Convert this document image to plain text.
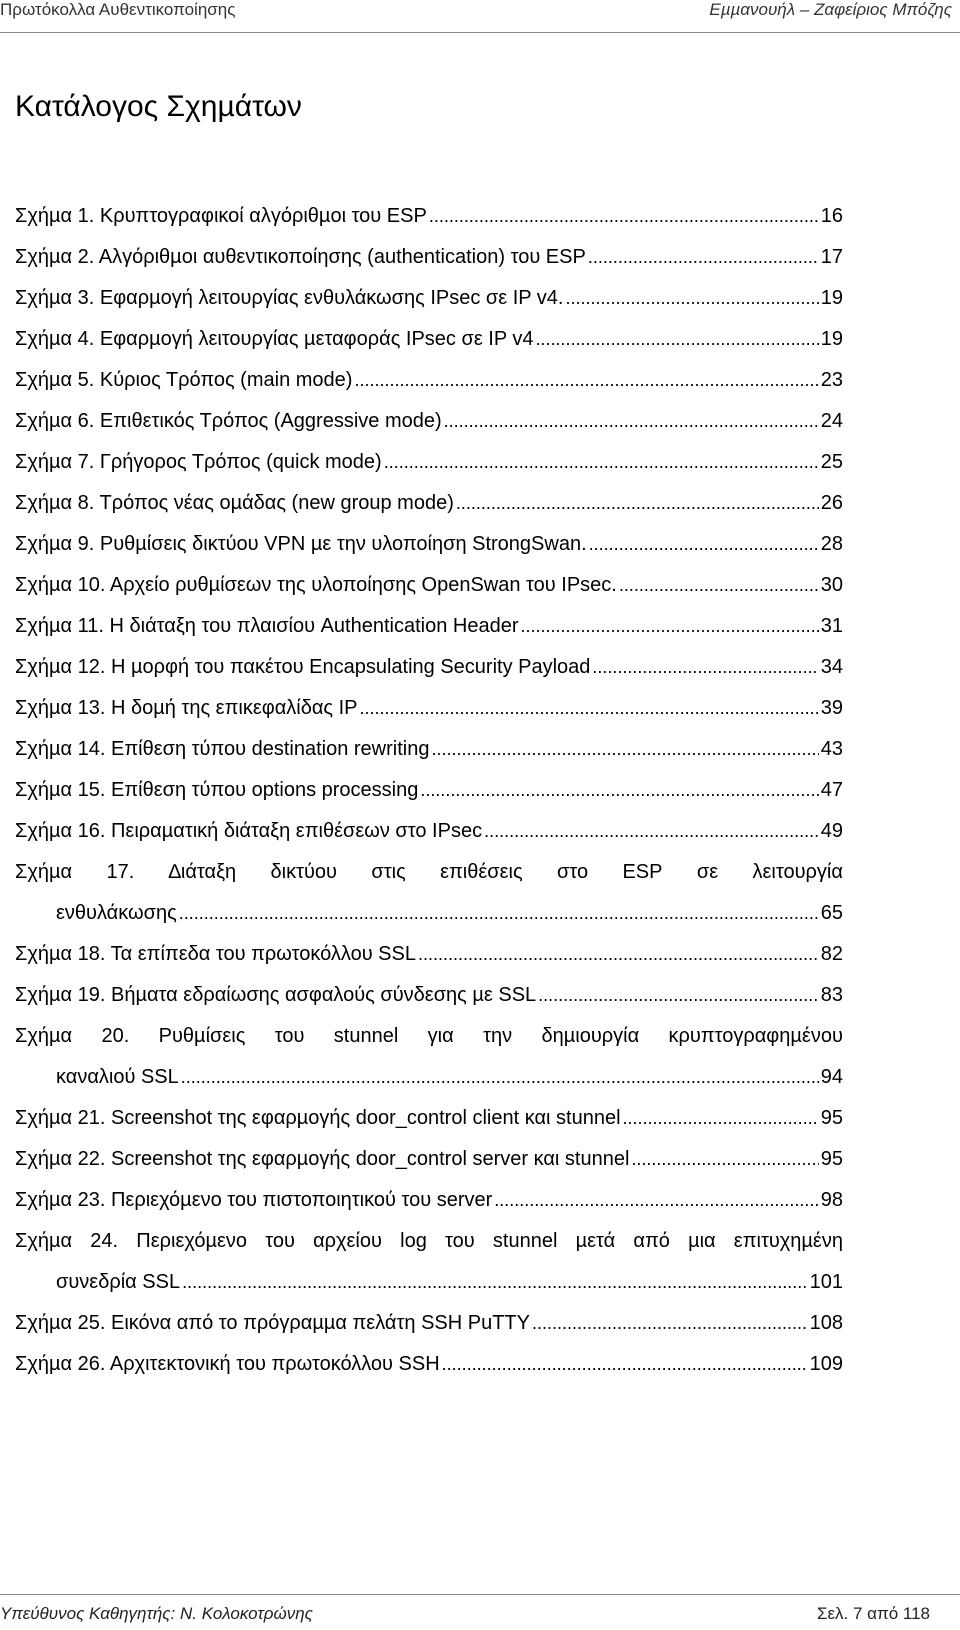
Πρωτόκολλα Αυθεντικοποίησης	Εµµανουήλ – Ζαφείριος Μπόζης
Κατάλογος Σχηµάτων
Σχήµα 1. Κρυπτογραφικοί αλγόριθµοι του ESP .....	16
Σχήµα 2. Αλγόριθµοι αυθεντικοποίησης (authentication) του ESP .....	17
Σχήµα 3. Εφαρµογή λειτουργίας ενθυλάκωσης IPsec σε IP v4. .....	19
Σχήµα 4. Εφαρµογή λειτουργίας µεταφοράς IPsec σε IP v4 .....	19
Σχήµα 5. Κύριος Τρόπος (main mode) .....	23
Σχήµα 6. Επιθετικός Τρόπος (Aggressive mode) .....	24
Σχήµα 7. Γρήγορος Τρόπος (quick mode) .....	25
Σχήµα 8. Τρόπος νέας οµάδας (new group mode) .....	26
Σχήµα 9. Ρυθµίσεις δικτύου VPN µε την υλοποίηση StrongSwan. .....	28
Σχήµα 10. Αρχείο ρυθµίσεων της υλοποίησης OpenSwan του IPsec. .....	30
Σχήµα 11. Η διάταξη του πλαισίου Authentication Header .....	31
Σχήµα 12. Η µορφή του πακέτου Encapsulating Security Payload .....	34
Σχήµα 13. Η δοµή της επικεφαλίδας IP .....	39
Σχήµα 14. Επίθεση τύπου destination rewriting .....	43
Σχήµα 15. Επίθεση τύπου options processing .....	47
Σχήµα 16. Πειραµατική διάταξη επιθέσεων στο IPsec .....	49
Σχήµα 17. ∆ιάταξη δικτύου στις επιθέσεις στο ESP σε λειτουργία
ενθυλάκωσης .....	65
Σχήµα 18. Τα επίπεδα του πρωτοκόλλου SSL .....	82
Σχήµα 19. Βήµατα εδραίωσης ασφαλούς σύνδεσης µε SSL .....	83
Σχήµα 20. Ρυθµίσεις του stunnel για την δηµιουργία κρυπτογραφηµένου
καναλιού SSL .....	94
Σχήµα 21. Screenshot της εφαρµογής door_control client και stunnel .....	95
Σχήµα 22. Screenshot της εφαρµογής door_control server και stunnel .....	95
Σχήµα 23. Περιεχόµενο του πιστοποιητικού του server .....	98
Σχήµα 24. Περιεχόµενο του αρχείου log του stunnel µετά από µια επιτυχηµένη
συνεδρία SSL .....	101
Σχήµα 25. Εικόνα από το πρόγραµµα πελάτη SSH PuTTY .....	108
Σχήµα 26. Αρχιτεκτονική του πρωτοκόλλου SSH .....	109
Υπεύθυνος Καθηγητής: Ν. Κολοκοτρώνης	Σελ. 7 από 118
